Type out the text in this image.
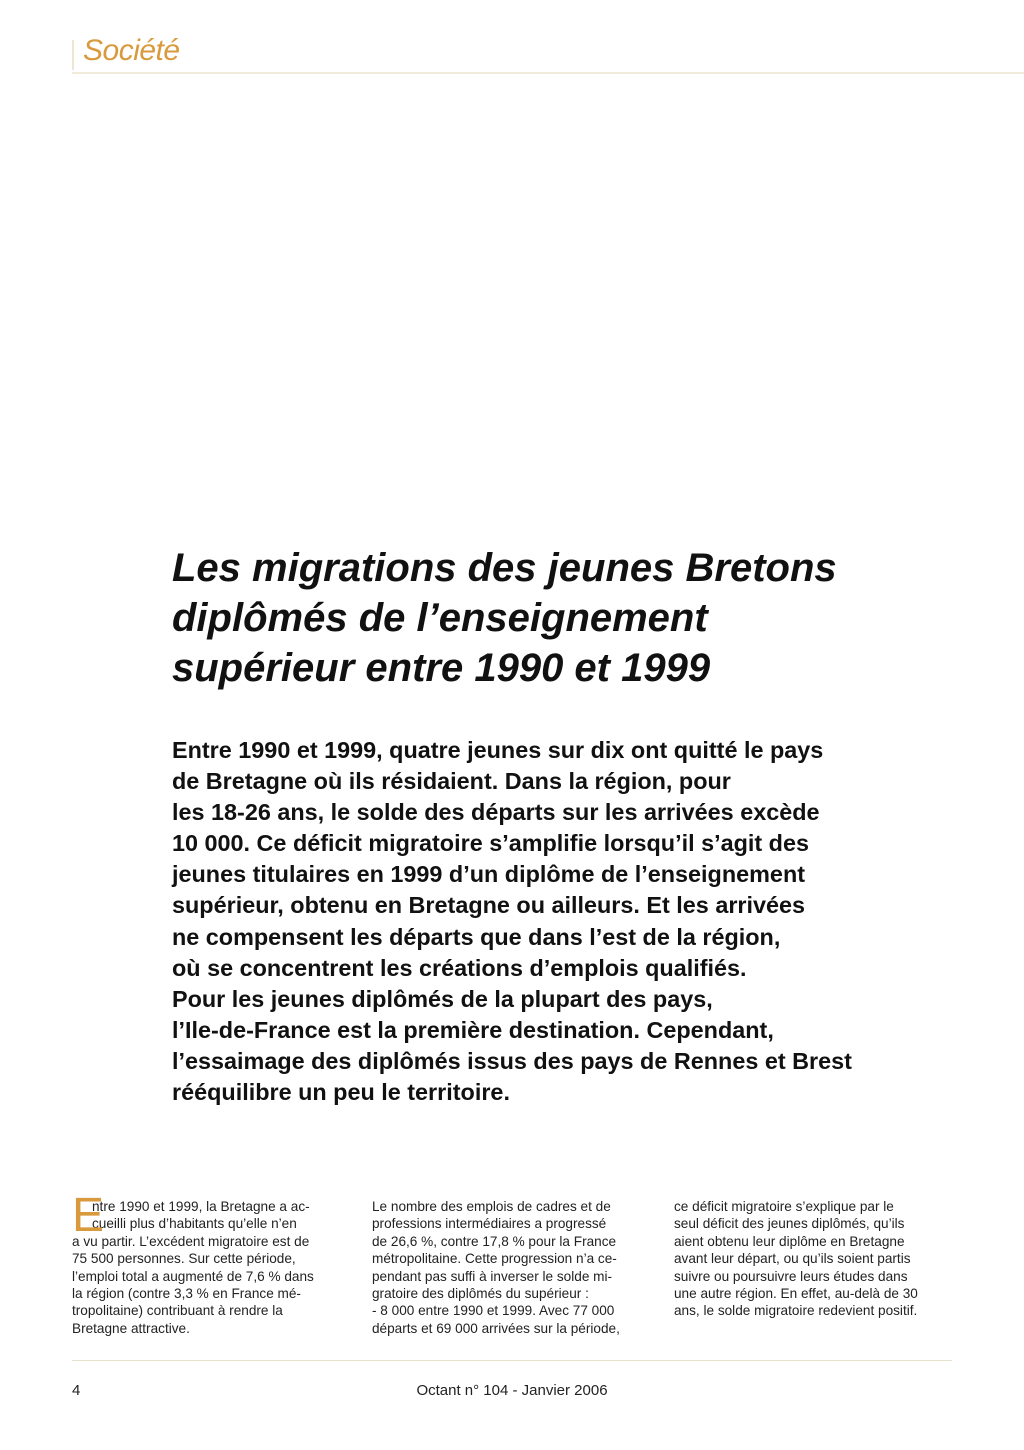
Société
Les migrations des jeunes Bretons
diplômés de l’enseignement
supérieur entre 1990 et 1999

Entre 1990 et 1999, quatre jeunes sur dix ont quitté le pays
de Bretagne où ils résidaient. Dans la région, pour
les 18-26 ans, le solde des départs sur les arrivées excède
10 000. Ce déficit migratoire s’amplifie lorsqu’il s’agit des
jeunes titulaires en 1999 d’un diplôme de l’enseignement
supérieur, obtenu en Bretagne ou ailleurs. Et les arrivées
ne compensent les départs que dans l’est de la région,
où se concentrent les créations d’emplois qualifiés.
Pour les jeunes diplômés de la plupart des pays,
l’Ile-de-France est la première destination. Cependant,
l’essaimage des diplômés issus des pays de Rennes et Brest
rééquilibre un peu le territoire.

E
ntre 1990 et 1999, la Bretagne a ac-
cueilli plus d’habitants qu’elle n’en
a vu partir. L’excédent migratoire est de
75 500 personnes. Sur cette période,
l’emploi total a augmenté de 7,6 % dans
la région (contre 3,3 % en France mé-
tropolitaine) contribuant à rendre la
Bretagne attractive.
Le nombre des emplois de cadres et de
professions intermédiaires a progressé
de 26,6 %, contre 17,8 % pour la France
métropolitaine. Cette progression n’a ce-
pendant pas suffi à inverser le solde mi-
gratoire des diplômés du supérieur :
- 8 000 entre 1990 et 1999. Avec 77 000
départs et 69 000 arrivées sur la période,
ce déficit migratoire s’explique par le
seul déficit des jeunes diplômés, qu’ils
aient obtenu leur diplôme en Bretagne
avant leur départ, ou qu’ils soient partis
suivre ou poursuivre leurs études dans
une autre région. En effet, au-delà de 30
ans, le solde migratoire redevient positif.
4	Octant n° 104 - Janvier 2006
